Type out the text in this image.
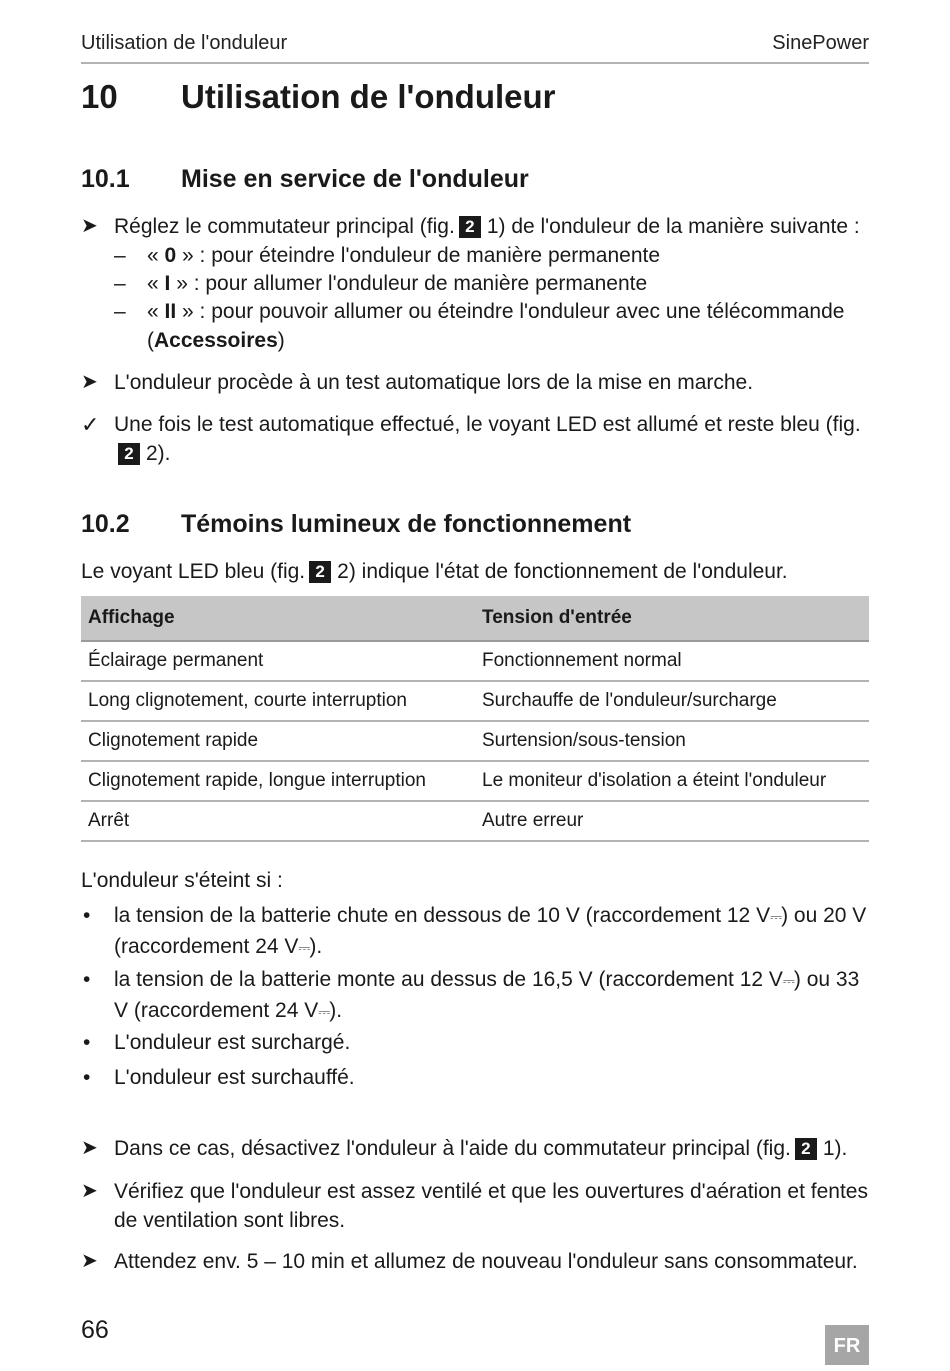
Utilisation de l'onduleur	SinePower
10 Utilisation de l'onduleur
10.1 Mise en service de l'onduleur
➤ Réglez le commutateur principal (fig. 2 1) de l'onduleur de la manière suivante :
– « 0 » : pour éteindre l'onduleur de manière permanente
– « I » : pour allumer l'onduleur de manière permanente
– « II » : pour pouvoir allumer ou éteindre l'onduleur avec une télécommande (Accessoires)
➤ L'onduleur procède à un test automatique lors de la mise en marche.
✓ Une fois le test automatique effectué, le voyant LED est allumé et reste bleu (fig.2 2).
10.2 Témoins lumineux de fonctionnement
Le voyant LED bleu (fig. 2 2) indique l'état de fonctionnement de l'onduleur.
Affichage	Tension d'entrée
Éclairage permanent	Fonctionnement normal
Long clignotement, courte interruption	Surchauffe de l'onduleur/surcharge
Clignotement rapide	Surtension/sous-tension
Clignotement rapide, longue interruption	Le moniteur d'isolation a éteint l'onduleur
Arrêt	Autre erreur
L'onduleur s'éteint si :
• la tension de la batterie chute en dessous de 10 V (raccordement 12 V⎓) ou 20 V (raccordement 24 V⎓).
• la tension de la batterie monte au dessus de 16,5 V (raccordement 12 V⎓) ou 33 V (raccordement 24 V⎓).
• L'onduleur est surchargé.
• L'onduleur est surchauffé.
➤ Dans ce cas, désactivez l'onduleur à l'aide du commutateur principal (fig. 2 1).
➤ Vérifiez que l'onduleur est assez ventilé et que les ouvertures d'aération et fentes de ventilation sont libres.
➤ Attendez env. 5 – 10 min et allumez de nouveau l'onduleur sans consommateur.
66
FR
